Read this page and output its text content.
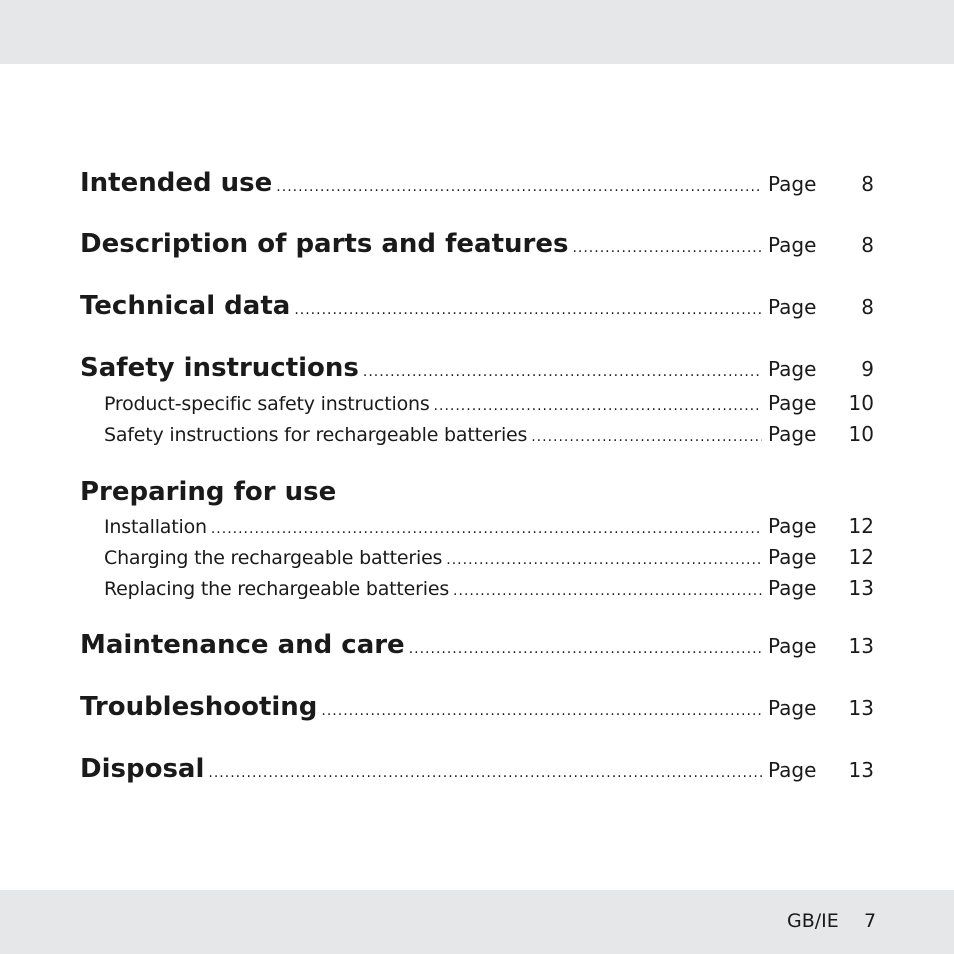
Intended use .....	Page	8
Description of parts and features .....	Page	8
Technical data .....	Page	8
Safety instructions .....	Page	9
Product-specific safety instructions .....	Page	10
Safety instructions for rechargeable batteries .....	Page	10
Preparing for use
Installation .....	Page	12
Charging the rechargeable batteries .....	Page	12
Replacing the rechargeable batteries .....	Page	13
Maintenance and care .....	Page	13
Troubleshooting .....	Page	13
Disposal .....	Page	13
GB/IE 7
